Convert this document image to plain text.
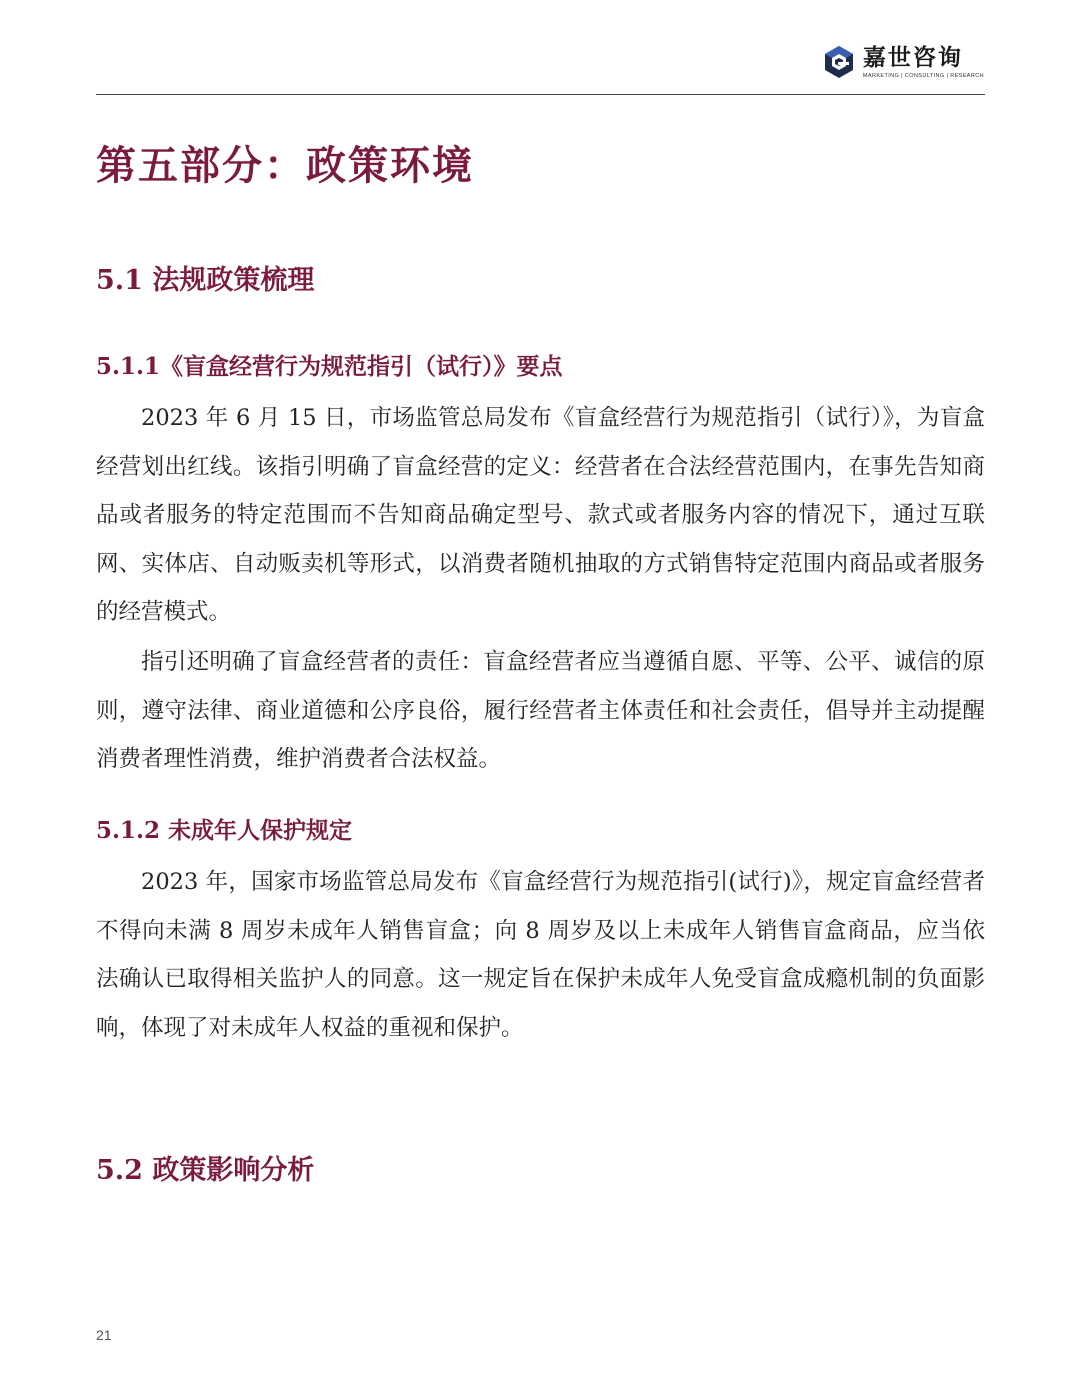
嘉世咨询
MARKETING | CONSULTING | RESEARCH
第五部分：政策环境
5.1 法规政策梳理
5.1.1《盲盒经营行为规范指引（试行）》要点

2023 年 6 月 15 日，市场监管总局发布《盲盒经营行为规范指引（试行）》，为盲盒经营划出红线。该指引明确了盲盒经营的定义：经营者在合法经营范围内，在事先告知商品或者服务的特定范围而不告知商品确定型号、款式或者服务内容的情况下，通过互联网、实体店、自动贩卖机等形式，以消费者随机抽取的方式销售特定范围内商品或者服务的经营模式。

指引还明确了盲盒经营者的责任：盲盒经营者应当遵循自愿、平等、公平、诚信的原则，遵守法律、商业道德和公序良俗，履行经营者主体责任和社会责任，倡导并主动提醒消费者理性消费，维护消费者合法权益。

5.1.2 未成年人保护规定

2023 年，国家市场监管总局发布《盲盒经营行为规范指引(试行)》，规定盲盒经营者不得向未满 8 周岁未成年人销售盲盒；向 8 周岁及以上未成年人销售盲盒商品，应当依法确认已取得相关监护人的同意。这一规定旨在保护未成年人免受盲盒成瘾机制的负面影响，体现了对未成年人权益的重视和保护。

5.2 政策影响分析
21
